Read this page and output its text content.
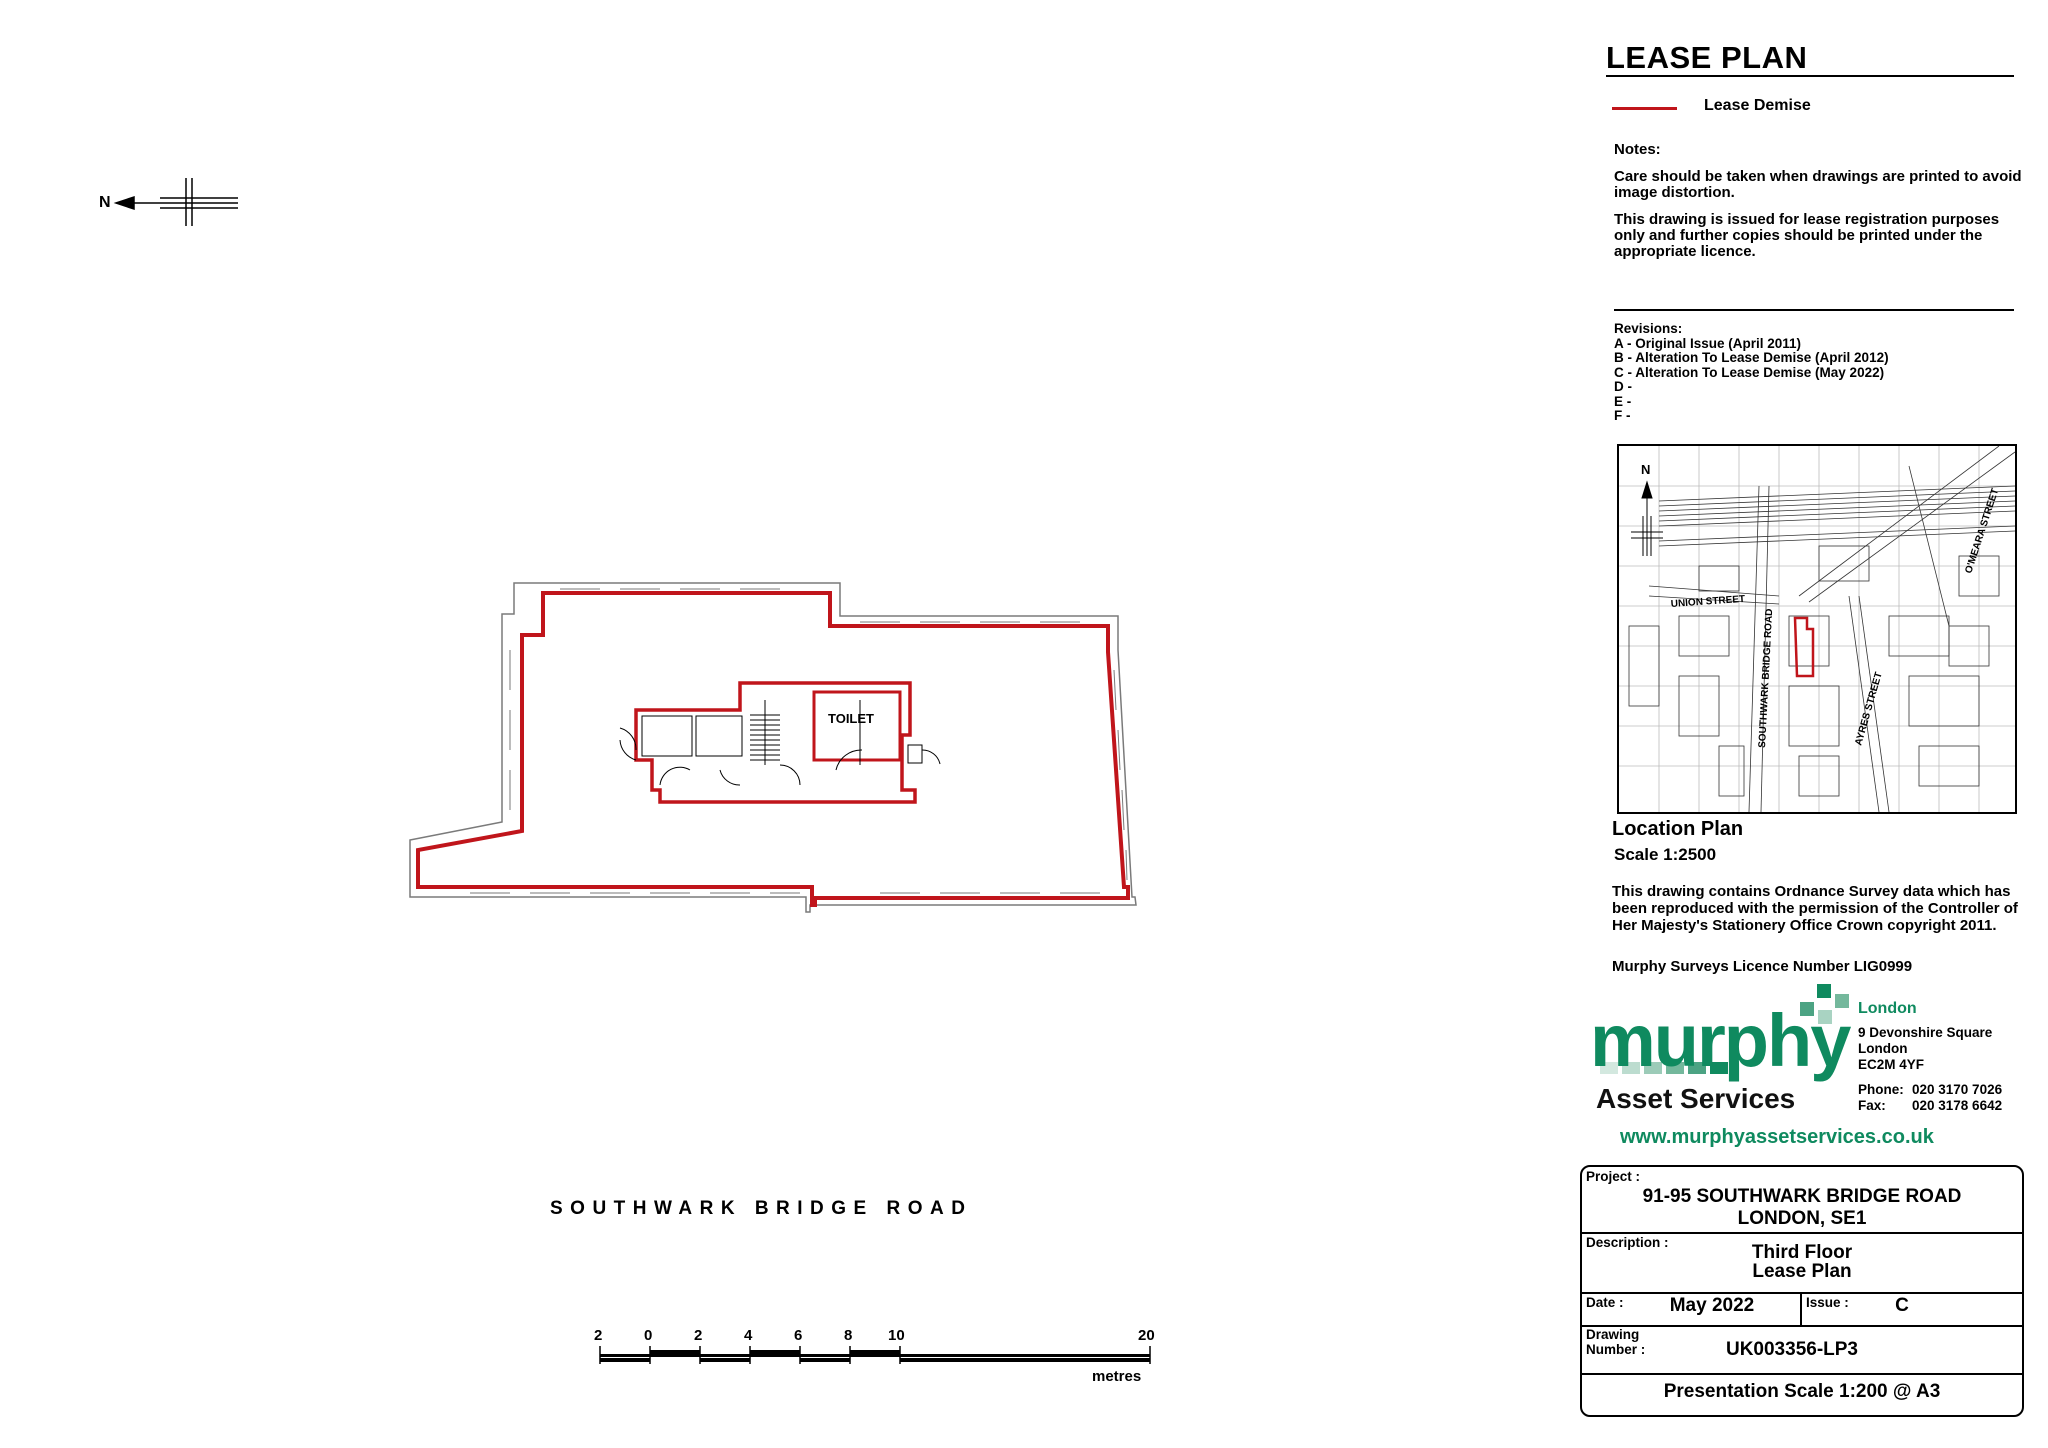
TOILET
N
SOUTHWARK BRIDGE ROAD
2	0	2	4	6	8 10	20
metres
LEASE PLAN
Lease Demise

Notes:

Care should be taken when drawings are printed to avoid image distortion.

This drawing is issued for lease registration purposes only and further copies should be printed under the appropriate licence.

Revisions:
A - Original Issue (April 2011)
B - Alteration To Lease Demise (April 2012)
C - Alteration To Lease Demise (May 2022)
D -
E -
F -
N
UNION STREET
SOUTHWARK BRIDGE ROAD	AYRES STREET
O'MEARA STREET
Location Plan
Scale 1:2500
This drawing contains Ordnance Survey data which has been reproduced with the permission of the Controller of Her Majesty's Stationery Office Crown copyright 2011.
Murphy Surveys Licence Number LIG0999
murphy
Asset Services
London
9 Devonshire Square
London
EC2M 4YF
Phone: 020 3170 7026
Fax: 020 3178 6642
www.murphyassetservices.co.uk
Project :
91-95 SOUTHWARK BRIDGE ROAD
LONDON, SE1
Description :	Third Floor
Lease Plan
Date :	May 2022	Issue :	C
Drawing
Number :	UK003356-LP3
Presentation Scale 1:200 @ A3
